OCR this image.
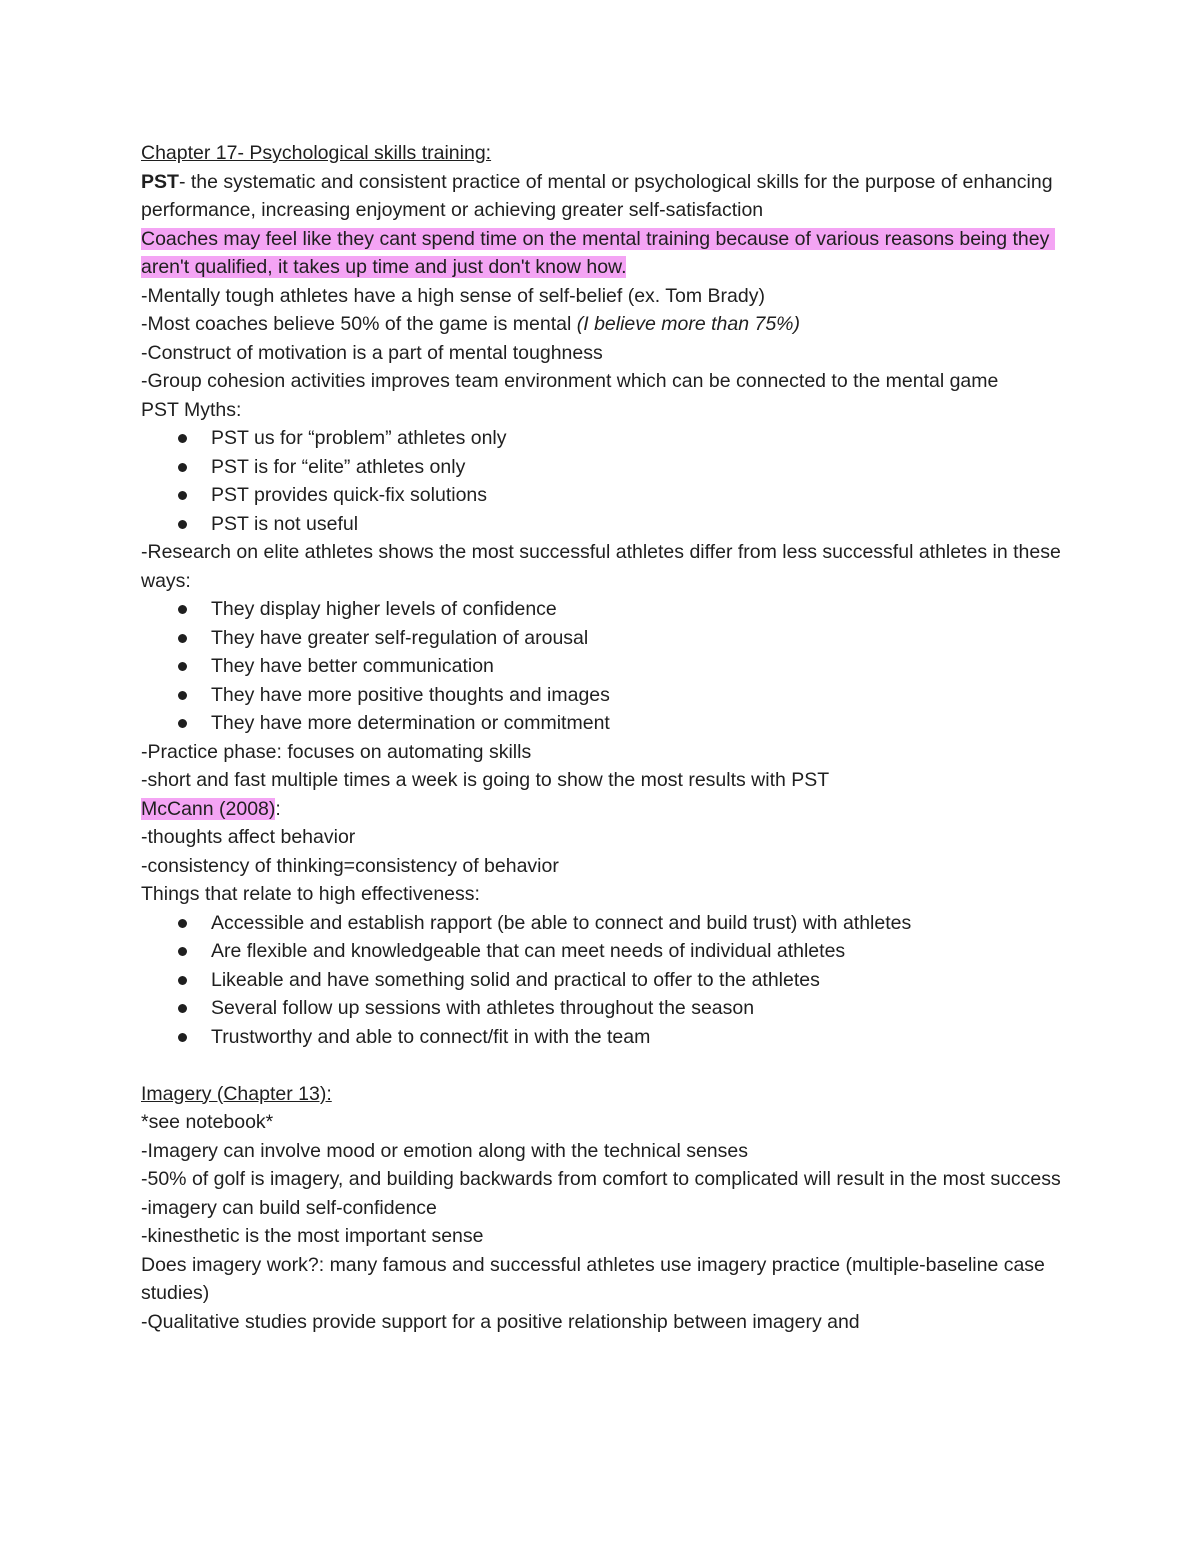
Chapter 17- Psychological skills training:

PST- the systematic and consistent practice of mental or psychological skills for the purpose of enhancing performance, increasing enjoyment or achieving greater self-satisfaction

Coaches may feel like they cant spend time on the mental training because of various reasons being they aren't qualified, it takes up time and just don't know how.

-Mentally tough athletes have a high sense of self-belief (ex. Tom Brady)

-Most coaches believe 50% of the game is mental (I believe more than 75%)

-Construct of motivation is a part of mental toughness

-Group cohesion activities improves team environment which can be connected to the mental game

PST Myths:

PST us for “problem” athletes only
PST is for “elite” athletes only
PST provides quick-fix solutions
PST is not useful

-Research on elite athletes shows the most successful athletes differ from less successful athletes in these ways:

They display higher levels of confidence
They have greater self-regulation of arousal
They have better communication
They have more positive thoughts and images
They have more determination or commitment

-Practice phase: focuses on automating skills

-short and fast multiple times a week is going to show the most results with PST

McCann (2008):

-thoughts affect behavior

-consistency of thinking=consistency of behavior

Things that relate to high effectiveness:

Accessible and establish rapport (be able to connect and build trust) with athletes
Are flexible and knowledgeable that can meet needs of individual athletes
Likeable and have something solid and practical to offer to the athletes
Several follow up sessions with athletes throughout the season
Trustworthy and able to connect/fit in with the team

Imagery (Chapter 13):

*see notebook*

-Imagery can involve mood or emotion along with the technical senses

-50% of golf is imagery, and building backwards from comfort to complicated will result in the most success

-imagery can build self-confidence

-kinesthetic is the most important sense

Does imagery work?: many famous and successful athletes use imagery practice (multiple-baseline case studies)

-Qualitative studies provide support for a positive relationship between imagery and
